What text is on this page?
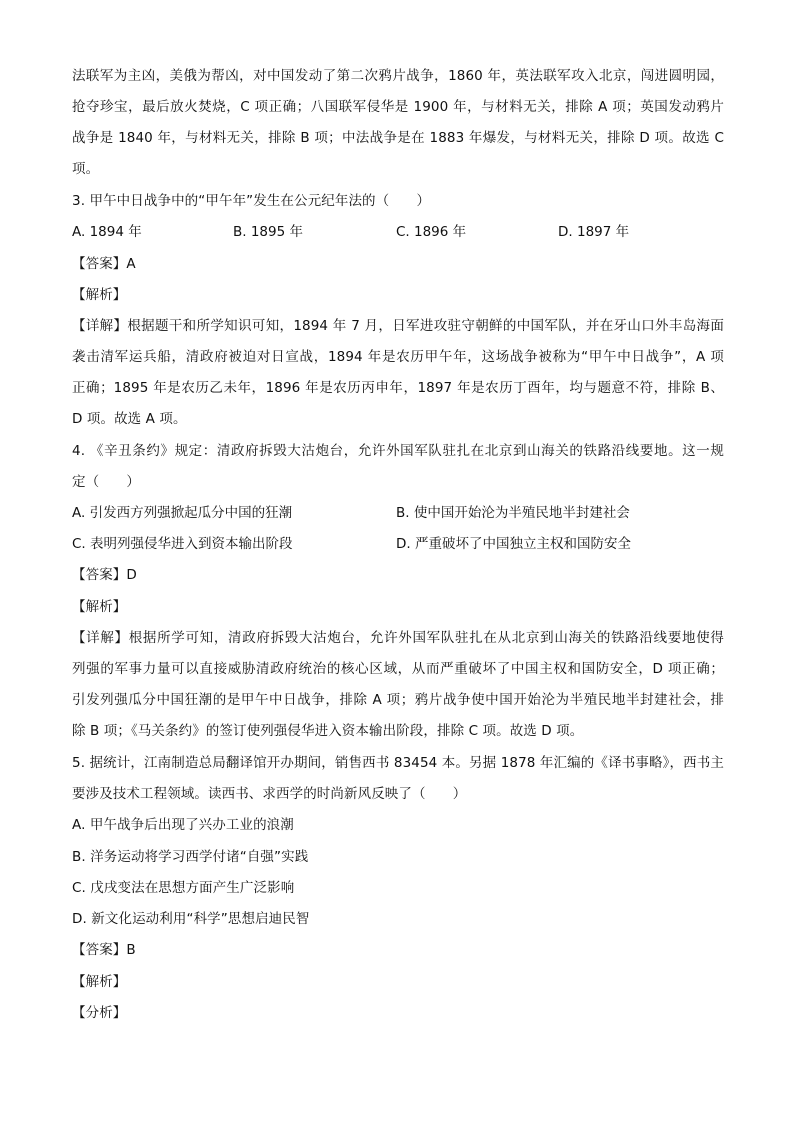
法联军为主凶，美俄为帮凶，对中国发动了第二次鸦片战争，1860 年，英法联军攻入北京，闯进圆明园，
抢夺珍宝，最后放火焚烧，C 项正确；八国联军侵华是 1900 年，与材料无关，排除 A 项；英国发动鸦片
战争是 1840 年，与材料无关，排除 B 项；中法战争是在 1883 年爆发，与材料无关，排除 D 项。故选 C
项。
3. 甲午中日战争中的“甲午年”发生在公元纪年法的（　　）
A. 1894 年	B. 1895 年	C. 1896 年	D. 1897 年
【答案】A
【解析】
【详解】根据题干和所学知识可知，1894 年 7 月，日军进攻驻守朝鲜的中国军队，并在牙山口外丰岛海面
袭击清军运兵船，清政府被迫对日宣战，1894 年是农历甲午年，这场战争被称为“甲午中日战争”，A 项
正确；1895 年是农历乙未年，1896 年是农历丙申年，1897 年是农历丁酉年，均与题意不符，排除 B、
D 项。故选 A 项。
4. 《辛丑条约》规定：清政府拆毁大沽炮台，允许外国军队驻扎在北京到山海关的铁路沿线要地。这一规
定（　　）
A. 引发西方列强掀起瓜分中国的狂潮	B. 使中国开始沦为半殖民地半封建社会
C. 表明列强侵华进入到资本输出阶段	D. 严重破坏了中国独立主权和国防安全
【答案】D
【解析】
【详解】根据所学可知，清政府拆毁大沽炮台，允许外国军队驻扎在从北京到山海关的铁路沿线要地使得
列强的军事力量可以直接威胁清政府统治的核心区域，从而严重破坏了中国主权和国防安全，D 项正确；
引发列强瓜分中国狂潮的是甲午中日战争，排除 A 项；鸦片战争使中国开始沦为半殖民地半封建社会，排
除 B 项；《马关条约》的签订使列强侵华进入资本输出阶段，排除 C 项。故选 D 项。
5. 据统计，江南制造总局翻译馆开办期间，销售西书 83454 本。另据 1878 年汇编的《译书事略》，西书主
要涉及技术工程领域。读西书、求西学的时尚新风反映了（　　）
A. 甲午战争后出现了兴办工业的浪潮
B. 洋务运动将学习西学付诸“自强”实践
C. 戊戌变法在思想方面产生广泛影响
D. 新文化运动利用“科学”思想启迪民智
【答案】B
【解析】
【分析】
